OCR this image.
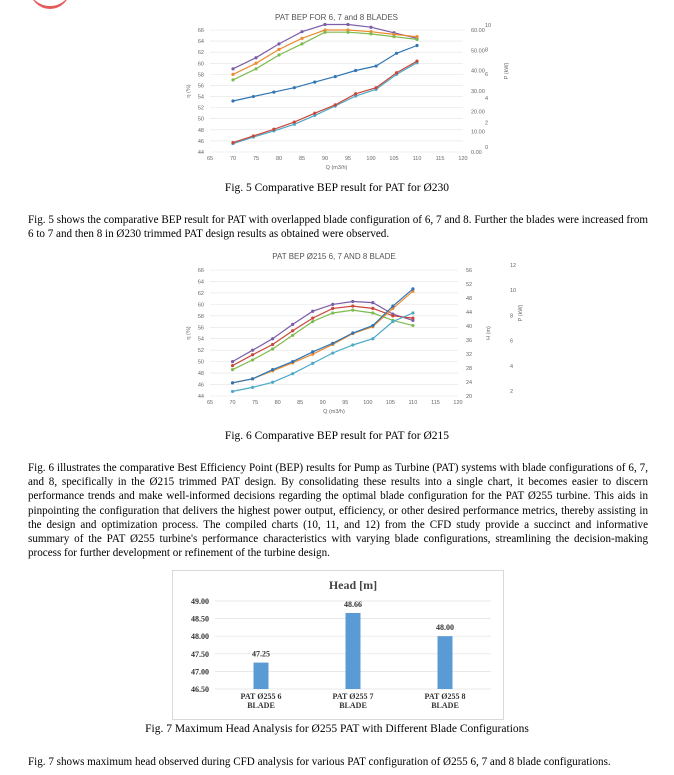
PAT BEP FOR 6, 7 and 8 BLADES
44
46
48
50
52
54
56
58
60
62
64
66
65	70	75	80	85	90	95	100	105	110	115	120
Q (m3/h)
η (%)
0.00
10.00
20.00
30.00
40.00
50.00
60.00
0
2
4
6
8
10
P (kW)
Fig. 5 Comparative BEP result for PAT for Ø230
Fig. 5 shows the comparative BEP result for PAT with overlapped blade configuration of 6, 7 and 8. Further the blades were increased from 6 to 7 and then 8 in Ø230 trimmed PAT design results as obtained were observed.
PAT BEP Ø215 6, 7 AND 8 BLADE
44
46
48
50
52
54
56
58
60
62
64
66
65	70	75	80	85	90	95	100 105 110	115 120
Q (m3/h)
η (%)
20
24
28
32
36
40
44
48
52
56
2
4
6
8
10
12
H (m)
P (kW)
Fig. 6 Comparative BEP result for PAT for Ø215
Fig. 6 illustrates the comparative Best Efficiency Point (BEP) results for Pump as Turbine (PAT) systems with blade configurations of 6, 7, and 8, specifically in the Ø215 trimmed PAT design. By consolidating these results into a single chart, it becomes easier to discern performance trends and make well-informed decisions regarding the optimal blade configuration for the PAT Ø255 turbine. This aids in pinpointing the configuration that delivers the highest power output, efficiency, or other desired performance metrics, thereby assisting in the design and optimization process. The compiled charts (10, 11, and 12) from the CFD study provide a succinct and informative summary of the PAT Ø255 turbine's performance characteristics with varying blade configurations, streamlining the decision-making process for further development or refinement of the turbine design.
Head [m]
46.50
47.00
47.50
48.00
48.50
49.00
47.25
PAT Ø255 6
BLADE
48.66
PAT Ø255 7
BLADE
48.00
PAT Ø255 8
BLADE
Fig. 7 Maximum Head Analysis for Ø255 PAT with Different Blade Configurations
Fig. 7 shows maximum head observed during CFD analysis for various PAT configuration of Ø255 6, 7 and 8 blade configurations.
